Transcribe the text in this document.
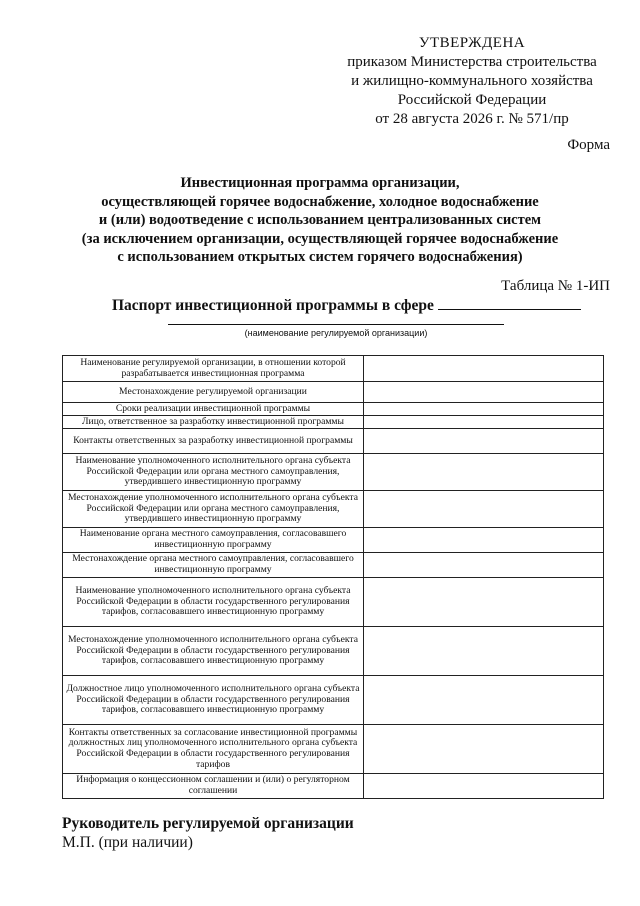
УТВЕРЖДЕНА
приказом Министерства строительства
и жилищно-коммунального хозяйства
Российской Федерации
от 28 августа 2026 г. № 571/пр
Форма
Инвестиционная программа организации,
осуществляющей горячее водоснабжение, холодное водоснабжение
и (или) водоотведение с использованием централизованных систем
(за исключением организации, осуществляющей горячее водоснабжение
с использованием открытых систем горячего водоснабжения)
Таблица № 1-ИП
Паспорт инвестиционной программы в сфере
(наименование регулируемой организации)
Наименование регулируемой организации, в отношении которой разрабатывается инвестиционная программа	
Местонахождение регулируемой организации	
Сроки реализации инвестиционной программы	
Лицо, ответственное за разработку инвестиционной программы	
Контакты ответственных за разработку инвестиционной программы	
Наименование уполномоченного исполнительного органа субъекта Российской Федерации или органа местного самоуправления, утвердившего инвестиционную программу	
Местонахождение уполномоченного исполнительного органа субъекта Российской Федерации или органа местного самоуправления, утвердившего инвестиционную программу	
Наименование органа местного самоуправления, согласовавшего инвестиционную программу	
Местонахождение органа местного самоуправления, согласовавшего инвестиционную программу	
Наименование уполномоченного исполнительного органа субъекта Российской Федерации в области государственного регулирования тарифов, согласовавшего инвестиционную программу	
Местонахождение уполномоченного исполнительного органа субъекта Российской Федерации в области государственного регулирования тарифов, согласовавшего инвестиционную программу	
Должностное лицо уполномоченного исполнительного органа субъекта Российской Федерации в области государственного регулирования тарифов, согласовавшего инвестиционную программу	
Контакты ответственных за согласование инвестиционной программы должностных лиц уполномоченного исполнительного органа субъекта Российской Федерации в области государственного регулирования тарифов	
Информация о концессионном соглашении и (или) о регуляторном соглашении	
Руководитель регулируемой организации
М.П. (при наличии)
